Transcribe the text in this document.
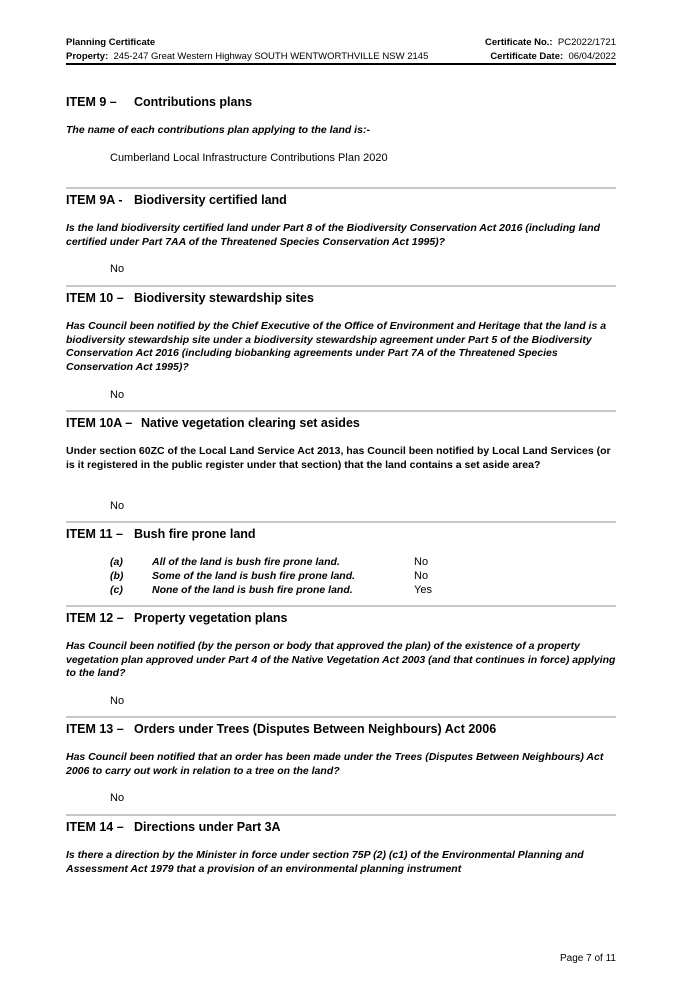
Planning Certificate
Property: 245-247 Great Western Highway SOUTH WENTWORTHVILLE NSW 2145
Certificate No.: PC2022/1721
Certificate Date: 06/04/2022
ITEM 9 – Contributions plans
The name of each contributions plan applying to the land is:-
Cumberland Local Infrastructure Contributions Plan 2020
ITEM 9A - Biodiversity certified land
Is the land biodiversity certified land under Part 8 of the Biodiversity Conservation Act 2016 (including land certified under Part 7AA of the Threatened Species Conservation Act 1995)?
No
ITEM 10 – Biodiversity stewardship sites
Has Council been notified by the Chief Executive of the Office of Environment and Heritage that the land is a biodiversity stewardship site under a biodiversity stewardship agreement under Part 5 of the Biodiversity Conservation Act 2016 (including biobanking agreements under Part 7A of the Threatened Species Conservation Act 1995)?
No
ITEM 10A – Native vegetation clearing set asides
Under section 60ZC of the Local Land Service Act 2013, has Council been notified by Local Land Services (or is it registered in the public register under that section) that the land contains a set aside area?
No
ITEM 11 – Bush fire prone land
(a)	All of the land is bush fire prone land.	No
(b)	Some of the land is bush fire prone land.	No
(c)	None of the land is bush fire prone land.	Yes
ITEM 12 – Property vegetation plans
Has Council been notified (by the person or body that approved the plan) of the existence of a property vegetation plan approved under Part 4 of the Native Vegetation Act 2003 (and that continues in force) applying to the land?
No
ITEM 13 – Orders under Trees (Disputes Between Neighbours) Act 2006
Has Council been notified that an order has been made under the Trees (Disputes Between Neighbours) Act 2006 to carry out work in relation to a tree on the land?
No
ITEM 14 – Directions under Part 3A
Is there a direction by the Minister in force under section 75P (2) (c1) of the Environmental Planning and Assessment Act 1979 that a provision of an environmental planning instrument
Page 7 of 11
